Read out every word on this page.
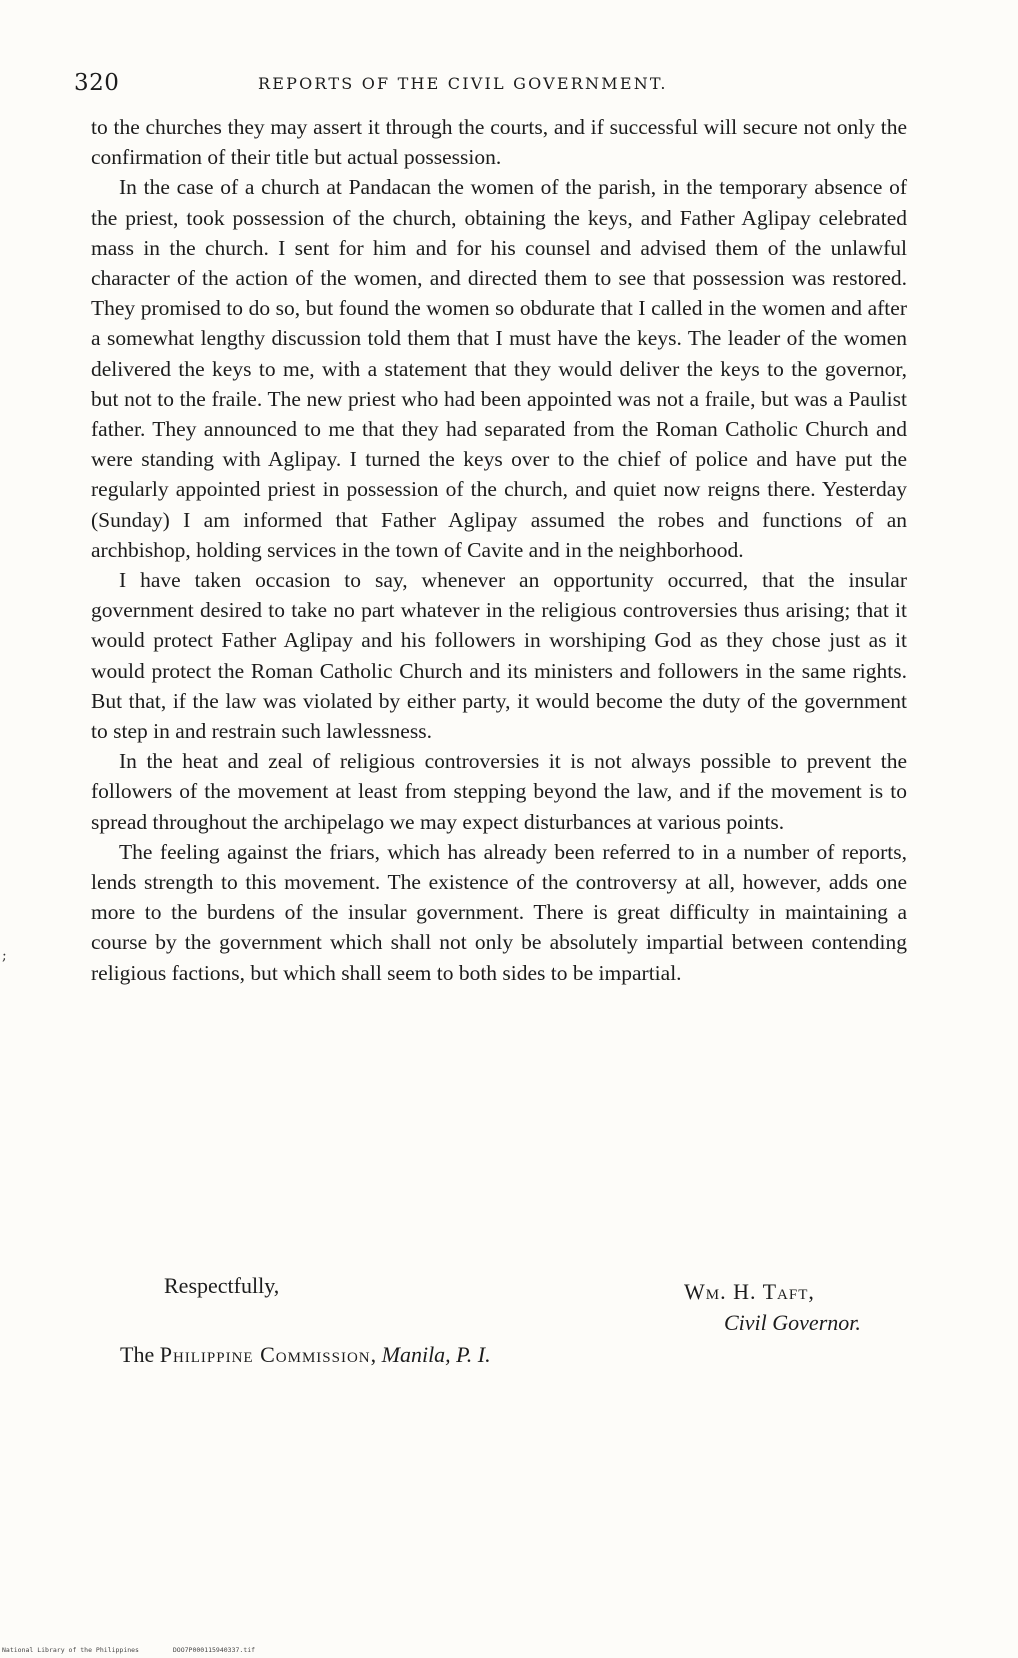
320	REPORTS OF THE CIVIL GOVERNMENT.

to the churches they may assert it through the courts, and if successful will secure not only the confirmation of their title but actual possession.

In the case of a church at Pandacan the women of the parish, in the temporary absence of the priest, took possession of the church, obtaining the keys, and Father Aglipay celebrated mass in the church. I sent for him and for his counsel and advised them of the unlawful character of the action of the women, and directed them to see that possession was restored. They promised to do so, but found the women so obdurate that I called in the women and after a somewhat lengthy discussion told them that I must have the keys. The leader of the women delivered the keys to me, with a statement that they would deliver the keys to the governor, but not to the fraile. The new priest who had been appointed was not a fraile, but was a Paulist father. They announced to me that they had separated from the Roman Catholic Church and were standing with Aglipay. I turned the keys over to the chief of police and have put the regularly appointed priest in possession of the church, and quiet now reigns there. Yesterday (Sunday) I am informed that Father Aglipay assumed the robes and functions of an archbishop, holding services in the town of Cavite and in the neighborhood.

I have taken occasion to say, whenever an opportunity occurred, that the insular government desired to take no part whatever in the religious controversies thus arising; that it would protect Father Aglipay and his followers in worshiping God as they chose just as it would protect the Roman Catholic Church and its ministers and followers in the same rights. But that, if the law was violated by either party, it would become the duty of the government to step in and restrain such lawlessness.

In the heat and zeal of religious controversies it is not always possible to prevent the followers of the movement at least from stepping beyond the law, and if the movement is to spread throughout the archipelago we may expect disturbances at various points.

The feeling against the friars, which has already been referred to in a number of reports, lends strength to this movement. The existence of the controversy at all, however, adds one more to the burdens of the insular government. There is great difficulty in maintaining a course by the government which shall not only be absolutely impartial between contending religious factions, but which shall seem to both sides to be impartial.

Respectfully,	Wm. H. Taft,
Civil Governor.
The Philippine Commission, Manila, P. I.
;
National Library of the Philippines	DOO7P000115940337.tif
